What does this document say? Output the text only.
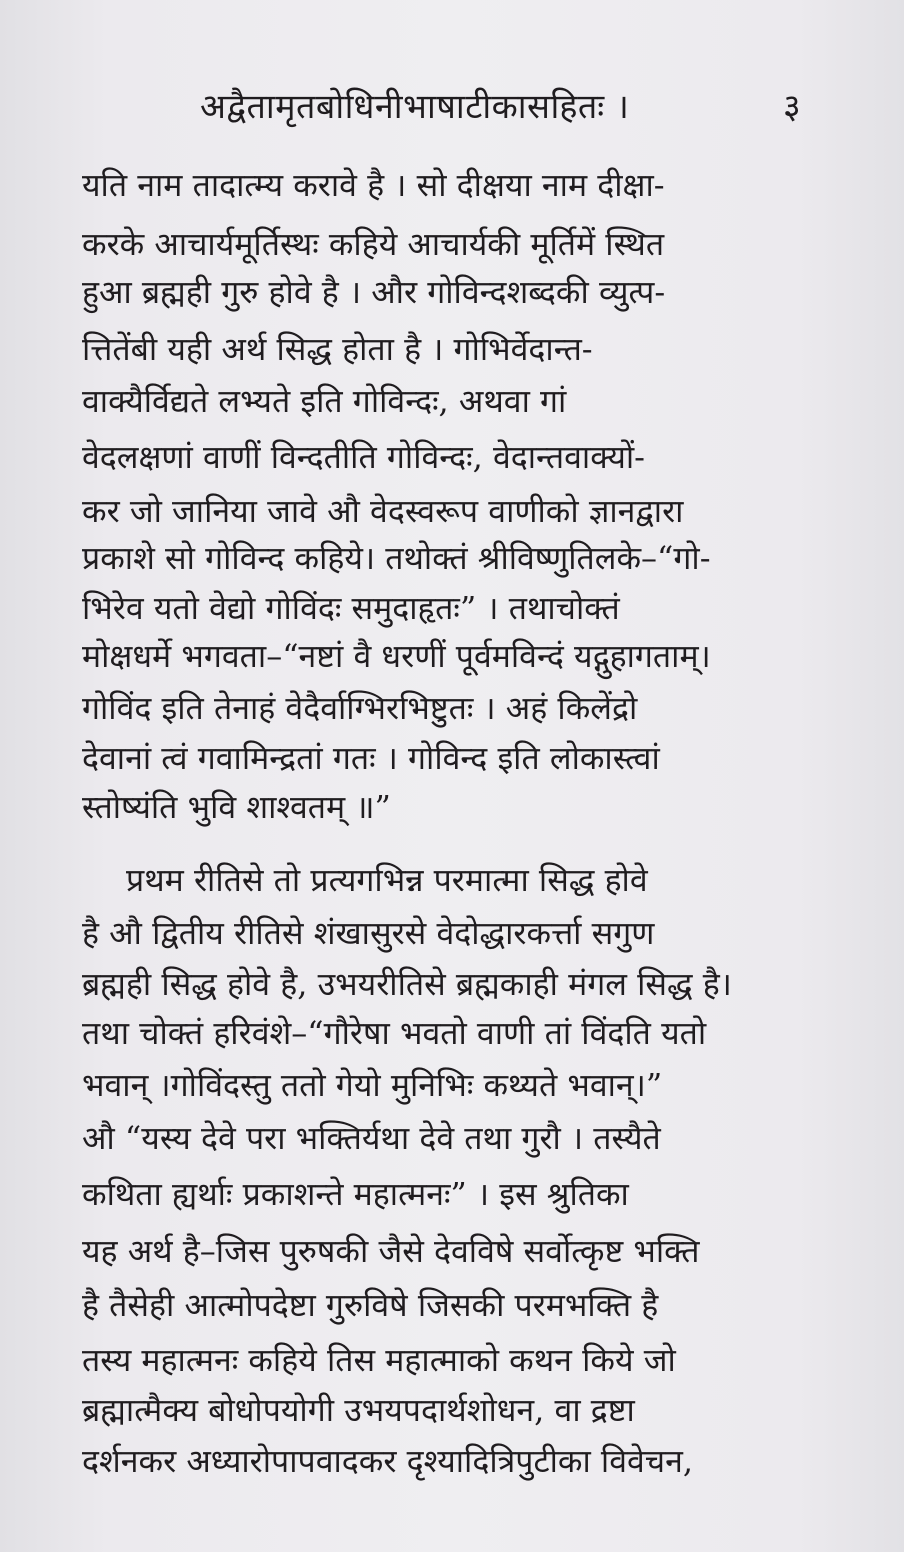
अद्वैतामृतबोधिनीभाषाटीकासहितः ।	३
यति नाम तादात्म्य करावे है । सो दीक्षया नाम दीक्षा-
करके आचार्यमूर्तिस्थः कहिये आचार्यकी मूर्तिमें स्थित
हुआ ब्रह्मही गुरु होवे है । और गोविन्दशब्दकी व्युत्प-
त्तितेंबी यही अर्थ सिद्ध होता है । गोभिर्वेदान्त-
वाक्यैर्विद्यते लभ्यते इति गोविन्दः, अथवा गां
वेदलक्षणां वाणीं विन्दतीति गोविन्दः, वेदान्तवाक्यों-
कर जो जानिया जावे औ वेदस्वरूप वाणीको ज्ञानद्वारा
प्रकाशे सो गोविन्द कहिये। तथोक्तं श्रीविष्णुतिलके–“गो-
भिरेव यतो वेद्यो गोविंदः समुदाहृतः” । तथाचोक्तं
मोक्षधर्मे भगवता–“नष्टां वै धरणीं पूर्वमविन्दं यद्गुहागताम्।
गोविंद इति तेनाहं वेदैर्वाग्भिरभिष्टुतः । अहं किलेंद्रो
देवानां त्वं गवामिन्द्रतां गतः । गोविन्द इति लोकास्त्वां
स्तोष्यंति भुवि शाश्वतम् ॥”
प्रथम रीतिसे तो प्रत्यगभिन्न परमात्मा सिद्ध होवे
है औ द्वितीय रीतिसे शंखासुरसे वेदोद्धारकर्त्ता सगुण
ब्रह्मही सिद्ध होवे है, उभयरीतिसे ब्रह्मकाही मंगल सिद्ध है।
तथा चोक्तं हरिवंशे–“गौरेषा भवतो वाणी तां विंदति यतो
भवान् ।गोविंदस्तु ततो गेयो मुनिभिः कथ्यते भवान्।”
औ “यस्य देवे परा भक्तिर्यथा देवे तथा गुरौ । तस्यैते
कथिता ह्यर्थाः प्रकाशन्ते महात्मनः” । इस श्रुतिका
यह अर्थ है–जिस पुरुषकी जैसे देवविषे सर्वोत्कृष्ट भक्ति
है तैसेही आत्मोपदेष्टा गुरुविषे जिसकी परमभक्ति है
तस्य महात्मनः कहिये तिस महात्माको कथन किये जो
ब्रह्मात्मैक्य बोधोपयोगी उभयपदार्थशोधन, वा द्रष्टा
दर्शनकर अध्यारोपापवादकर दृश्यादित्रिपुटीका विवेचन,
